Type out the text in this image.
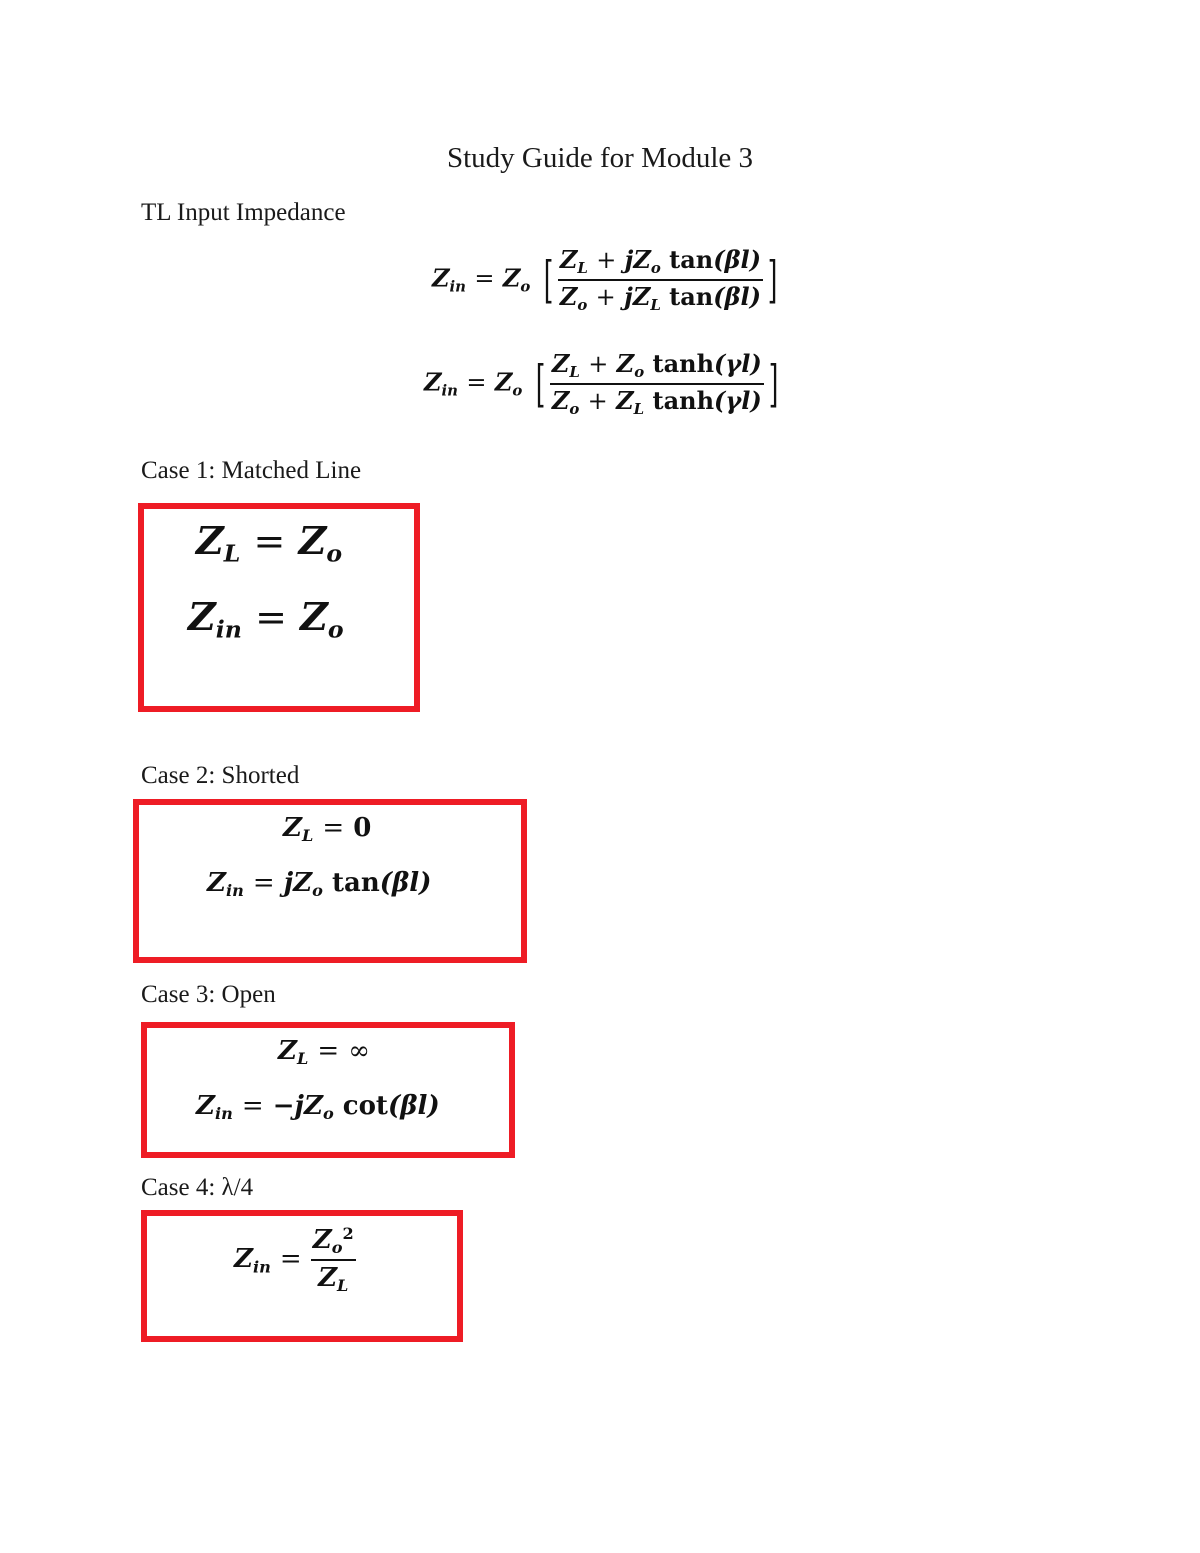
Study Guide for Module 3
TL Input Impedance
$Z_{in} = Z_o$ [ $\frac{Z_L + jZ_o \tan(\beta l)}{Z_o + jZ_L \tan(\beta l)}$ ]
$Z_{in} = Z_o$ [ $\frac{Z_L + Z_o \tanh(\gamma l)}{Z_o + Z_L \tanh(\gamma l)}$ ]
Case 1: Matched Line
$Z_L = Z_o$
$Z_{in} = Z_o$
Case 2: Shorted
$Z_L = 0$
$Z_{in} = jZ_o$ tan(βl)
Case 3: Open
$Z_L$ = ∞
$Z_{in} = -jZ_o$ cot(βl)
Case 4: λ/4
$Z_{in} = \frac{Z_o^2}{Z_L}$
